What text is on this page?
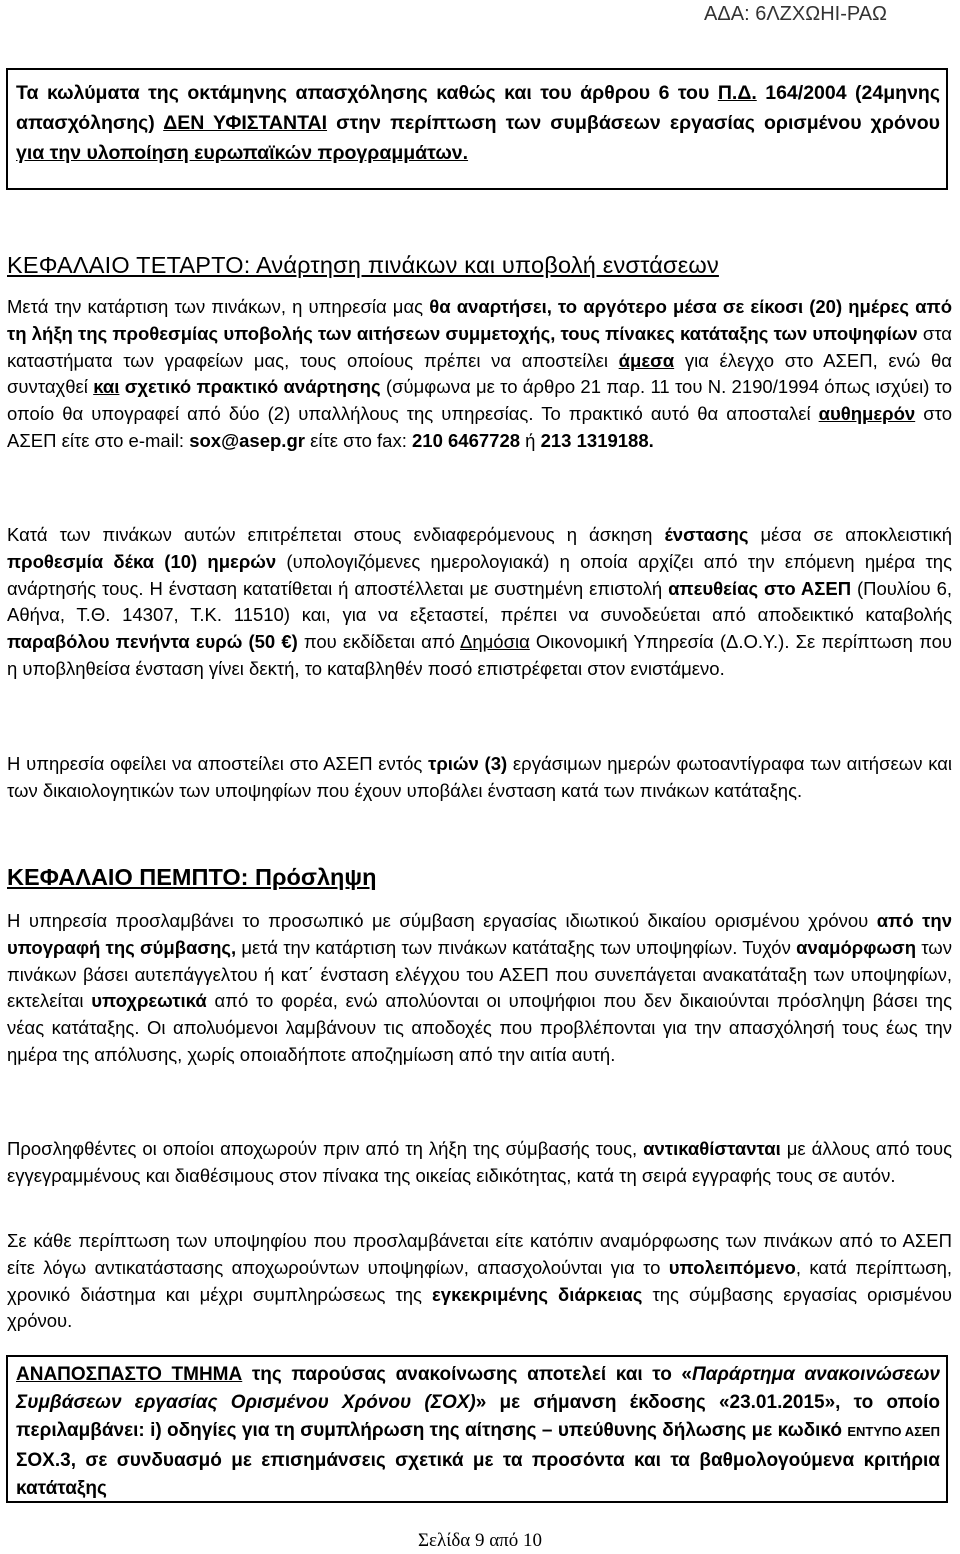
ΑΔΑ: 6ΛΖΧΩΗΙ-ΡΑΩ

Τα κωλύματα της οκτάμηνης απασχόλησης καθώς και του άρθρου 6 του Π.Δ. 164/2004 (24μηνης απασχόλησης) ΔΕΝ ΥΦΙΣΤΑΝΤΑΙ στην περίπτωση των συμβάσεων εργασίας ορισμένου χρόνου για την υλοποίηση ευρωπαϊκών προγραμμάτων.

ΚΕΦΑΛΑΙΟ ΤΕΤΑΡΤΟ: Ανάρτηση πινάκων και υποβολή ενστάσεων

Μετά την κατάρτιση των πινάκων, η υπηρεσία μας θα αναρτήσει, το αργότερο μέσα σε είκοσι (20) ημέρες από τη λήξη της προθεσμίας υποβολής των αιτήσεων συμμετοχής, τους πίνακες κατάταξης των υποψηφίων στα καταστήματα των γραφείων μας, τους οποίους πρέπει να αποστείλει άμεσα για έλεγχο στο ΑΣΕΠ, ενώ θα συνταχθεί και σχετικό πρακτικό ανάρτησης (σύμφωνα με το άρθρο 21 παρ. 11 του Ν. 2190/1994 όπως ισχύει) το οποίο θα υπογραφεί από δύο (2) υπαλλήλους της υπηρεσίας. Το πρακτικό αυτό θα αποσταλεί αυθημερόν στο ΑΣΕΠ είτε στο e-mail: sox@asep.gr είτε στο fax: 210 6467728 ή 213 1319188.

Κατά των πινάκων αυτών επιτρέπεται στους ενδιαφερόμενους η άσκηση ένστασης μέσα σε αποκλειστική προθεσμία δέκα (10) ημερών (υπολογιζόμενες ημερολογιακά) η οποία αρχίζει από την επόμενη ημέρα της ανάρτησής τους. Η ένσταση κατατίθεται ή αποστέλλεται με συστημένη επιστολή απευθείας στο ΑΣΕΠ (Πουλίου 6, Αθήνα, Τ.Θ. 14307, Τ.Κ. 11510) και, για να εξεταστεί, πρέπει να συνοδεύεται από αποδεικτικό καταβολής παραβόλου πενήντα ευρώ (50 €) που εκδίδεται από Δημόσια Οικονομική Υπηρεσία (Δ.Ο.Υ.). Σε περίπτωση που η υποβληθείσα ένσταση γίνει δεκτή, το καταβληθέν ποσό επιστρέφεται στον ενιστάμενο.

Η υπηρεσία οφείλει να αποστείλει στο ΑΣΕΠ εντός τριών (3) εργάσιμων ημερών φωτοαντίγραφα των αιτήσεων και των δικαιολογητικών των υποψηφίων που έχουν υποβάλει ένσταση κατά των πινάκων κατάταξης.

ΚΕΦΑΛΑΙΟ ΠΕΜΠΤΟ: Πρόσληψη

Η υπηρεσία προσλαμβάνει το προσωπικό με σύμβαση εργασίας ιδιωτικού δικαίου ορισμένου χρόνου από την υπογραφή της σύμβασης, μετά την κατάρτιση των πινάκων κατάταξης των υποψηφίων. Τυχόν αναμόρφωση των πινάκων βάσει αυτεπάγγελτου ή κατ΄ ένσταση ελέγχου του ΑΣΕΠ που συνεπάγεται ανακατάταξη των υποψηφίων, εκτελείται υποχρεωτικά από το φορέα, ενώ απολύονται οι υποψήφιοι που δεν δικαιούνται πρόσληψη βάσει της νέας κατάταξης. Οι απολυόμενοι λαμβάνουν τις αποδοχές που προβλέπονται για την απασχόλησή τους έως την ημέρα της απόλυσης, χωρίς οποιαδήποτε αποζημίωση από την αιτία αυτή.

Προσληφθέντες οι οποίοι αποχωρούν πριν από τη λήξη της σύμβασής τους, αντικαθίστανται με άλλους από τους εγγεγραμμένους και διαθέσιμους στον πίνακα της οικείας ειδικότητας, κατά τη σειρά εγγραφής τους σε αυτόν.

Σε κάθε περίπτωση των υποψηφίου που προσλαμβάνεται είτε κατόπιν αναμόρφωσης των πινάκων από το ΑΣΕΠ είτε λόγω αντικατάστασης αποχωρούντων υποψηφίων, απασχολούνται για το υπολειπόμενο, κατά περίπτωση, χρονικό διάστημα και μέχρι συμπληρώσεως της εγκεκριμένης διάρκειας της σύμβασης εργασίας ορισμένου χρόνου.

ΑΝΑΠΟΣΠΑΣΤΟ ΤΜΗΜΑ της παρούσας ανακοίνωσης αποτελεί και το «Παράρτημα ανακοινώσεων Συμβάσεων εργασίας Ορισμένου Χρόνου (ΣΟΧ)» με σήμανση έκδοσης «23.01.2015», το οποίο περιλαμβάνει: i) οδηγίες για τη συμπλήρωση της αίτησης – υπεύθυνης δήλωσης με κωδικό ΕΝΤΥΠΟ ΑΣΕΠ ΣΟΧ.3, σε συνδυασμό με επισημάνσεις σχετικά με τα προσόντα και τα βαθμολογούμενα κριτήρια κατάταξης

Σελίδα 9 από 10
